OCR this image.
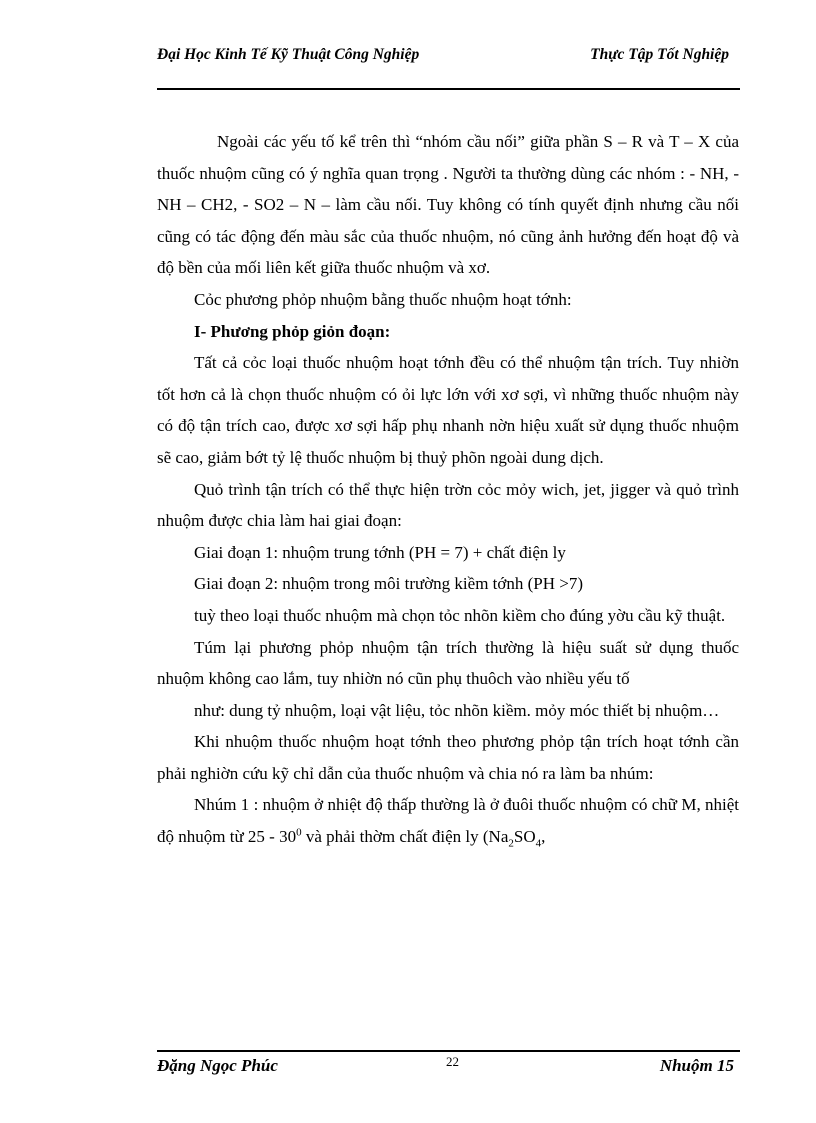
Đại Học Kinh Tế Kỹ Thuật Công Nghiệp	Thực Tập Tốt Nghiệp

Ngoài các yếu tố kể trên thì “nhóm cầu nối” giữa phần S – R và T – X của thuốc nhuộm cũng có ý nghĩa quan trọng . Người ta thường dùng các nhóm : - NH, - NH – CH2, - SO2 – N – làm cầu nối. Tuy không có tính quyết định nhưng cầu nối cũng có tác động đến màu sắc của thuốc nhuộm, nó cũng ảnh hưởng đến hoạt độ và độ bền của mối liên kết giữa thuốc nhuộm và xơ.

Cỏc phương phỏp nhuộm bằng thuốc nhuộm hoạt tớnh:

I- Phương phỏp giỏn đoạn:

Tất cả cỏc loại thuốc nhuộm hoạt tớnh đều có thể nhuộm tận trích. Tuy nhiờn tốt hơn cả là chọn thuốc nhuộm có ỏi lực lớn với xơ sợi, vì những thuốc nhuộm này có độ tận trích cao, được xơ sợi hấp phụ nhanh nờn hiệu xuất sử dụng thuốc nhuộm sẽ cao, giảm bớt tỷ lệ thuốc nhuộm bị thuỷ phõn ngoài dung dịch.

Quỏ trình tận trích có thể thực hiện trờn cỏc mỏy wich, jet, jigger và quỏ trình nhuộm được chia làm hai giai đoạn:

Giai đoạn 1: nhuộm trung tớnh (PH = 7) + chất điện ly

Giai đoạn 2: nhuộm trong môi trường kiềm tớnh (PH >7)

tuỳ theo loại thuốc nhuộm mà chọn tỏc nhõn kiềm cho đúng yờu cầu kỹ thuật.

Túm lại phương phỏp nhuộm tận trích thường là hiệu suất sử dụng thuốc nhuộm không cao lắm, tuy nhiờn nó cũn phụ thuôch vào nhiều yếu tố

như: dung tỷ nhuộm, loại vật liệu, tỏc nhõn kiềm. mỏy móc thiết bị nhuộm…

Khi nhuộm thuốc nhuộm hoạt tớnh theo phương phỏp tận trích hoạt tớnh cần phải nghiờn cứu kỹ chỉ dẫn của thuốc nhuộm và chia nó ra làm ba nhúm:

Nhúm 1 : nhuộm ở nhiệt độ thấp thường là ở đuôi thuốc nhuộm có chữ M, nhiệt độ nhuộm từ $25 - 30^0$ và phải thờm chất điện ly ($Na_2SO_4$,

Đặng Ngọc Phúc	22	Nhuộm 15
